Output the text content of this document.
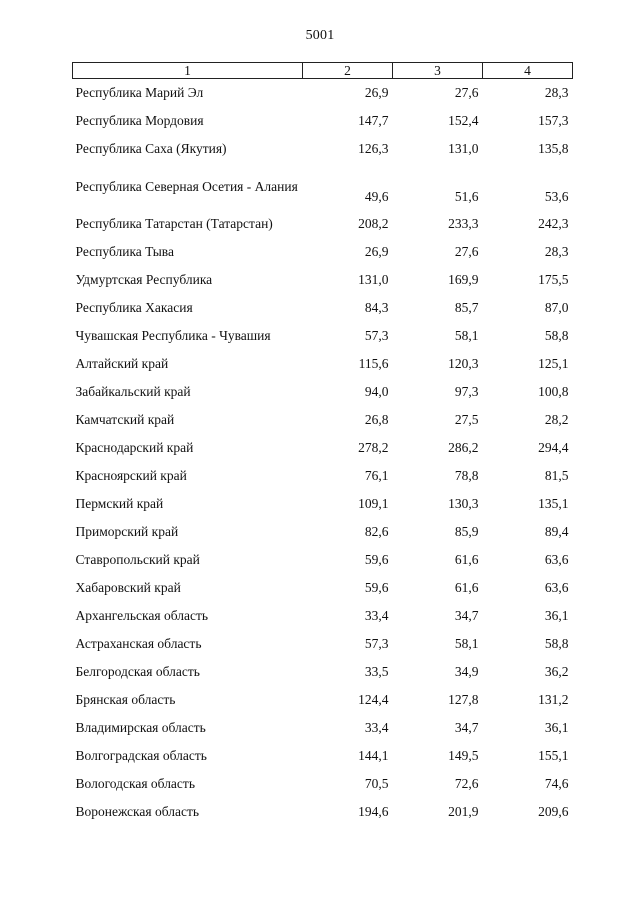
5001
1	2	3	4
Республика Марий Эл	26,9	27,6	28,3
Республика Мордовия	147,7	152,4	157,3
Республика Саха (Якутия)	126,3	131,0	135,8
Республика Северная Осетия - Алания	49,6	51,6	53,6
Республика Татарстан (Татарстан)	208,2	233,3	242,3
Республика Тыва	26,9	27,6	28,3
Удмуртская Республика	131,0	169,9	175,5
Республика Хакасия	84,3	85,7	87,0
Чувашская Республика - Чувашия	57,3	58,1	58,8
Алтайский край	115,6	120,3	125,1
Забайкальский край	94,0	97,3	100,8
Камчатский край	26,8	27,5	28,2
Краснодарский край	278,2	286,2	294,4
Красноярский край	76,1	78,8	81,5
Пермский край	109,1	130,3	135,1
Приморский край	82,6	85,9	89,4
Ставропольский край	59,6	61,6	63,6
Хабаровский край	59,6	61,6	63,6
Архангельская область	33,4	34,7	36,1
Астраханская область	57,3	58,1	58,8
Белгородская область	33,5	34,9	36,2
Брянская область	124,4	127,8	131,2
Владимирская область	33,4	34,7	36,1
Волгоградская область	144,1	149,5	155,1
Вологодская область	70,5	72,6	74,6
Воронежская область	194,6	201,9	209,6
